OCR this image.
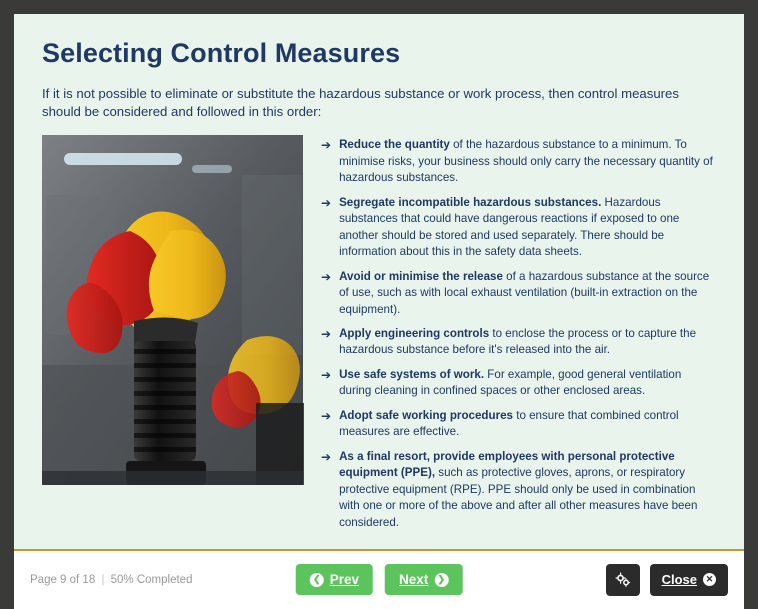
Selecting Control Measures

If it is not possible to eliminate or substitute the hazardous substance or work process, then control measures should be considered and followed in this order:

➔ Reduce the quantity of the hazardous substance to a minimum. To minimise risks, your business should only carry the necessary quantity of hazardous substances.
➔ Segregate incompatible hazardous substances. Hazardous substances that could have dangerous reactions if exposed to one another should be stored and used separately. There should be information about this in the safety data sheets.
➔ Avoid or minimise the release of a hazardous substance at the source of use, such as with local exhaust ventilation (built-in extraction on the equipment).
➔ Apply engineering controls to enclose the process or to capture the hazardous substance before it's released into the air.
➔ Use safe systems of work. For example, good general ventilation during cleaning in confined spaces or other enclosed areas.
➔ Adopt safe working procedures to ensure that combined control measures are effective.
➔ As a final resort, provide employees with personal protective equipment (PPE), such as protective gloves, aprons, or respiratory protective equipment (RPE). PPE should only be used in combination with one or more of the above and after all other measures have been considered.
Page 9 of 18 | 50% Completed	❮ Prev	Next	❯	Close ✕
